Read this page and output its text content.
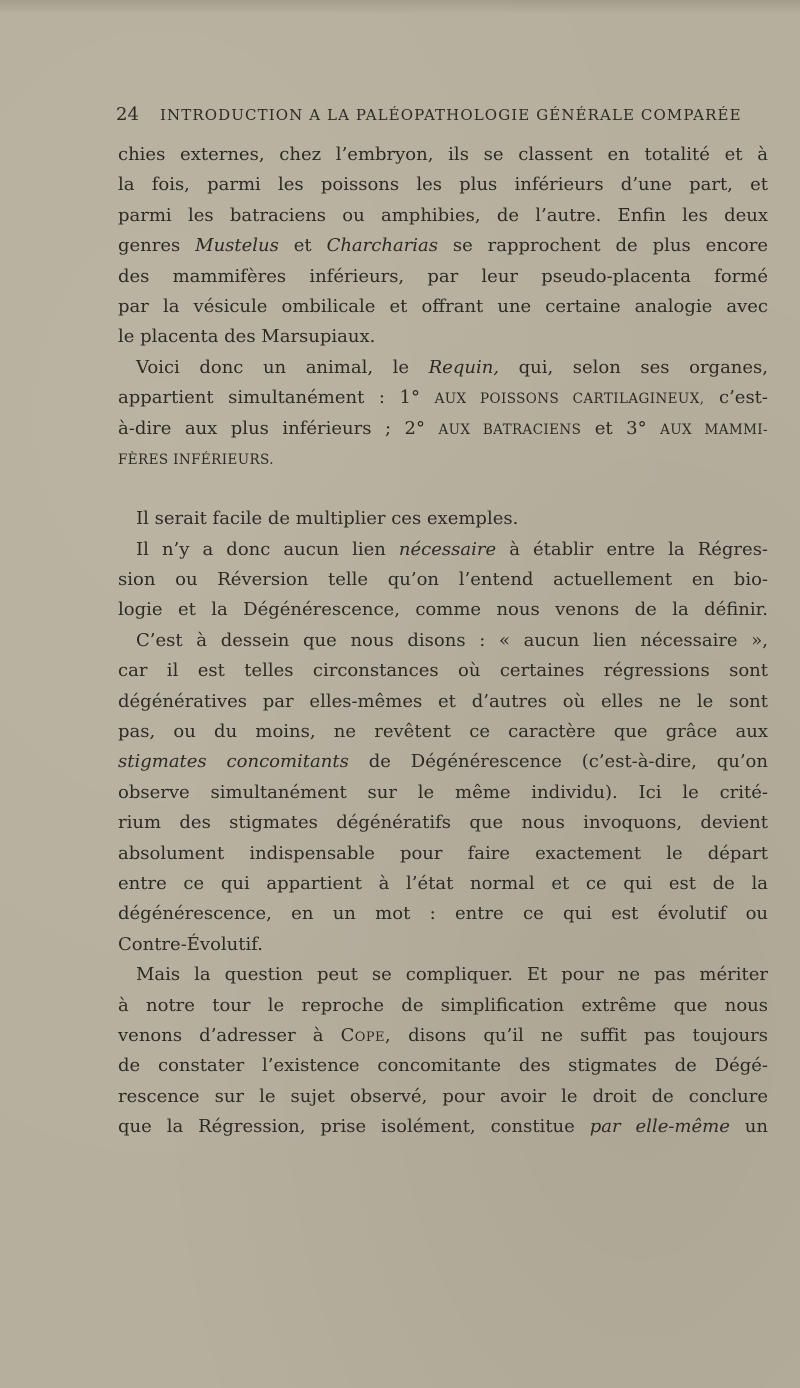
24 INTRODUCTION A LA PALÉOPATHOLOGIE GÉNÉRALE COMPARÉE
chies externes, chez l’embryon, ils se classent en totalité et à
la fois, parmi les poissons les plus inférieurs d’une part, et
parmi les batraciens ou amphibies, de l’autre. Enfin les deux
genres Mustelus et Charcharias se rapprochent de plus encore
des mammifères inférieurs, par leur pseudo-placenta formé
par la vésicule ombilicale et offrant une certaine analogie avec
le placenta des Marsupiaux.
Voici donc un animal, le Requin, qui, selon ses organes,
appartient simultanément : 1° AUX POISSONS CARTILAGINEUX, c’est-
à-dire aux plus inférieurs ; 2° AUX BATRACIENS et 3° AUX MAMMI-
FÈRES INFÉRIEURS.
Il serait facile de multiplier ces exemples.
Il n’y a donc aucun lien nécessaire à établir entre la Régres-
sion ou Réversion telle qu’on l’entend actuellement en bio-
logie et la Dégénérescence, comme nous venons de la définir.
C’est à dessein que nous disons : « aucun lien nécessaire »,
car il est telles circonstances où certaines régressions sont
dégénératives par elles-mêmes et d’autres où elles ne le sont
pas, ou du moins, ne revêtent ce caractère que grâce aux
stigmates concomitants de Dégénérescence (c’est-à-dire, qu’on
observe simultanément sur le même individu). Ici le crité-
rium des stigmates dégénératifs que nous invoquons, devient
absolument indispensable pour faire exactement le départ
entre ce qui appartient à l’état normal et ce qui est de la
dégénérescence, en un mot : entre ce qui est évolutif ou
Contre-Évolutif.
Mais la question peut se compliquer. Et pour ne pas mériter
à notre tour le reproche de simplification extrême que nous
venons d’adresser à Cope, disons qu’il ne suffit pas toujours
de constater l’existence concomitante des stigmates de Dégé-
rescence sur le sujet observé, pour avoir le droit de conclure
que la Régression, prise isolément, constitue par elle-même un
